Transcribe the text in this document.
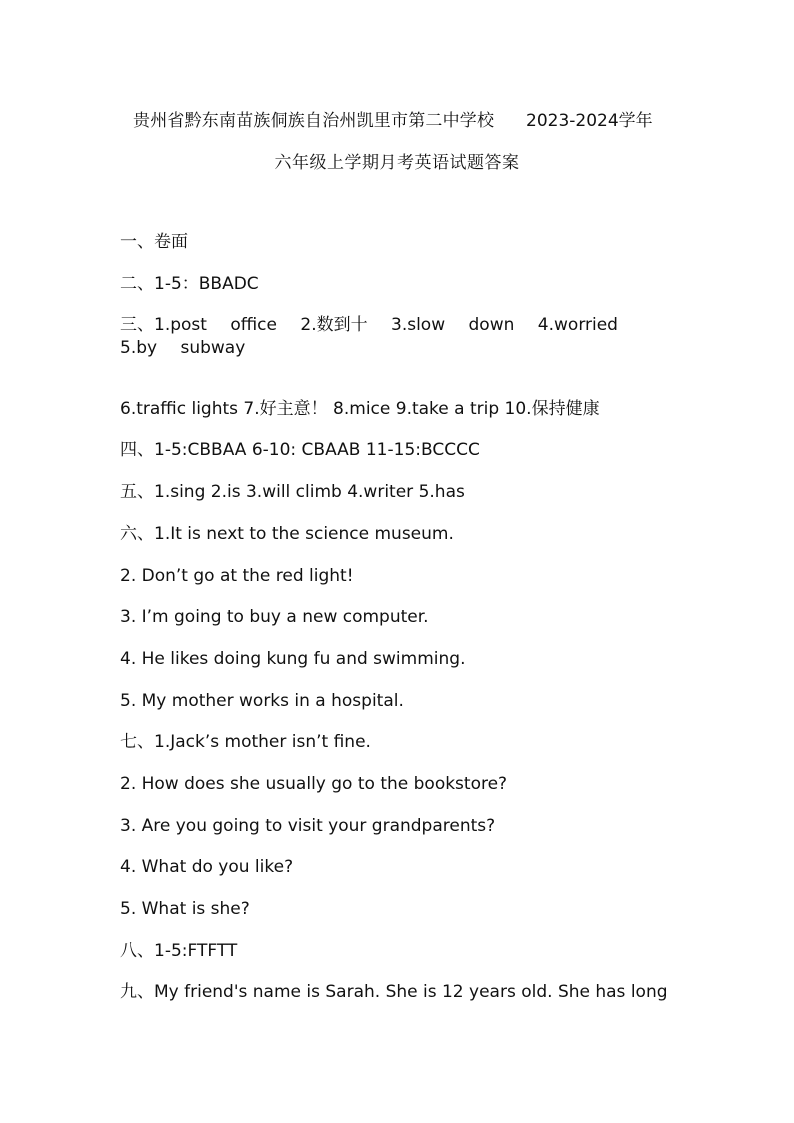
贵州省黔东南苗族侗族自治州凯里市第二中学校 2023-2024学年
六年级上学期月考英语试题答案
一、卷面
二、1-5：BBADC
三、1.post office 2.数到十 3.slow down 4.worried 5.by subway
6.traffic lights 7.好主意！ 8.mice 9.take a trip 10.保持健康
四、1-5:CBBAA 6-10: CBAAB 11-15:BCCCC
五、1.sing 2.is 3.will climb 4.writer 5.has
六、1.It is next to the science museum.
2. Don’t go at the red light!
3. I’m going to buy a new computer.
4. He likes doing kung fu and swimming.
5. My mother works in a hospital.
七、1.Jack’s mother isn’t fine.
2. How does she usually go to the bookstore?
3. Are you going to visit your grandparents?
4. What do you like?
5. What is she?
八、1-5:FTFTT
九、My friend's name is Sarah. She is 12 years old. She has long
